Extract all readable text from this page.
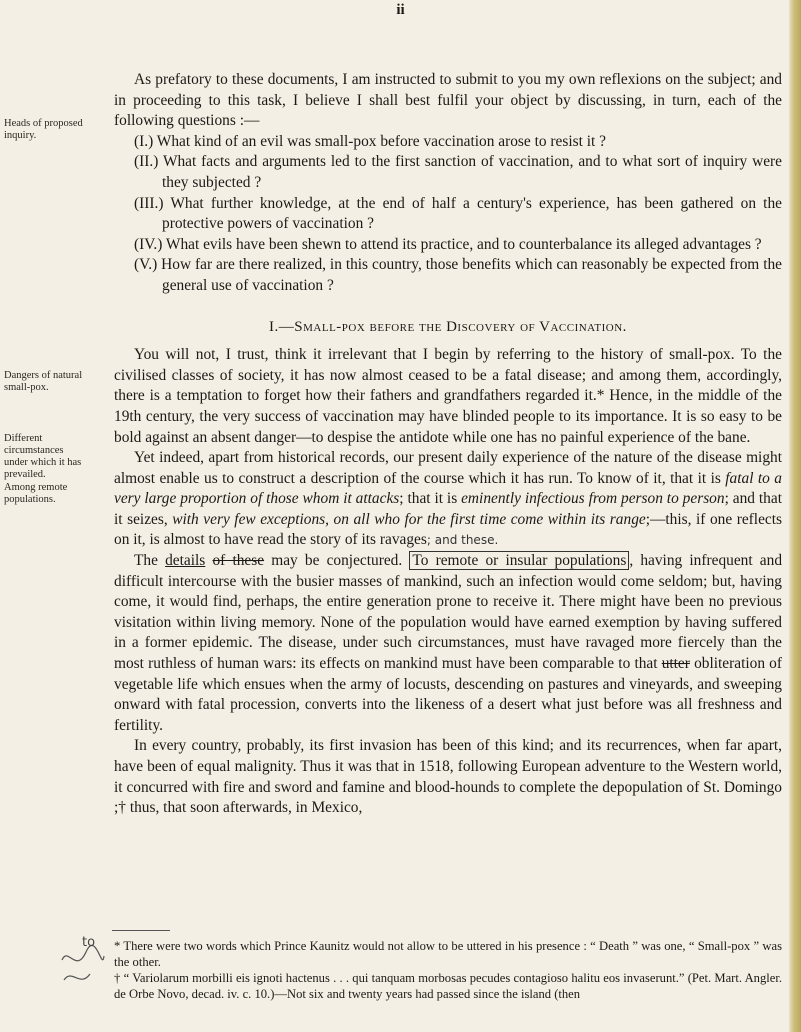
ii
Heads of proposed inquiry.
Dangers of natural small-pox.
Different circumstances under which it has prevailed.
Among remote populations.

As prefatory to these documents, I am instructed to submit to you my own reflexions on the subject; and in proceeding to this task, I believe I shall best fulfil your object by discussing, in turn, each of the following questions :—

(I.) What kind of an evil was small-pox before vaccination arose to resist it ?

(II.) What facts and arguments led to the first sanction of vaccination, and to what sort of inquiry were they subjected ?

(III.) What further knowledge, at the end of half a century's experience, has been gathered on the protective powers of vaccination ?

(IV.) What evils have been shewn to attend its practice, and to counterbalance its alleged advantages ?

(V.) How far are there realized, in this country, those benefits which can reasonably be expected from the general use of vaccination ?

I.—Small-pox before the Discovery of Vaccination.

You will not, I trust, think it irrelevant that I begin by referring to the history of small-pox. To the civilised classes of society, it has now almost ceased to be a fatal disease; and among them, accordingly, there is a temptation to forget how their fathers and grandfathers regarded it.* Hence, in the middle of the 19th century, the very success of vaccination may have blinded people to its importance. It is so easy to be bold against an absent danger—to despise the antidote while one has no painful experience of the bane.

Yet indeed, apart from historical records, our present daily experience of the nature of the disease might almost enable us to construct a description of the course which it has run. To know of it, that it is fatal to a very large proportion of those whom it attacks; that it is eminently infectious from person to person; and that it seizes, with very few exceptions, on all who for the first time come within its range;—this, if one reflects on it, is almost to have read the story of its ravages; and these.

The details of these may be conjectured. To remote or insular populations , having infrequent and difficult intercourse with the busier masses of mankind, such an infection would come seldom; but, having come, it would find, perhaps, the entire generation prone to receive it. There might have been no previous visitation within living memory. None of the population would have earned exemption by having suffered in a former epidemic. The disease, under such circumstances, must have ravaged more fiercely than the most ruthless of human wars: its effects on mankind must have been comparable to that utter obliteration of vegetable life which ensues when the army of locusts, descending on pastures and vineyards, and sweeping onward with fatal procession, converts into the likeness of a desert what just before was all freshness and fertility.

In every country, probably, its first invasion has been of this kind; and its recurrences, when far apart, have been of equal malignity. Thus it was that in 1518, following European adventure to the Western world, it concurred with fire and sword and famine and blood-hounds to complete the depopulation of St. Domingo ;† thus, that soon afterwards, in Mexico,

to * There were two words which Prince Kaunitz would not allow to be uttered in his presence : “ Death ” was one, “ Small-pox ” was the other.

† “ Variolarum morbilli eis ignoti hactenus . . . qui tanquam morbosas pecudes contagioso halitu eos invaserunt.” (Pet. Mart. Angler. de Orbe Novo, decad. iv. c. 10.)—Not six and twenty years had passed since the island (then
